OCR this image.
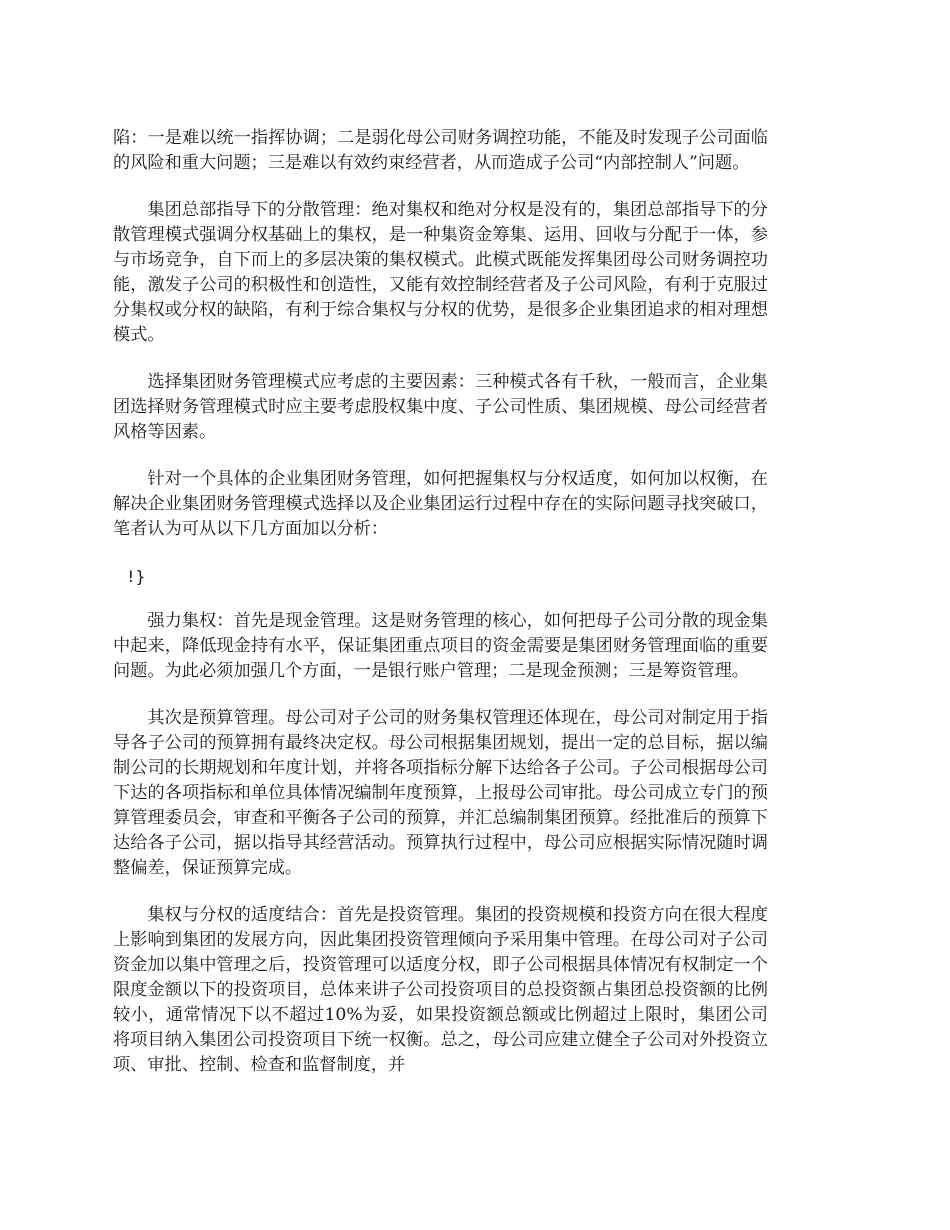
陷：一是难以统一指挥协调；二是弱化母公司财务调控功能，不能及时发现子公司面临的风险和重大问题；三是难以有效约束经营者，从而造成子公司“内部控制人”问题。

集团总部指导下的分散管理：绝对集权和绝对分权是没有的，集团总部指导下的分散管理模式强调分权基础上的集权，是一种集资金筹集、运用、回收与分配于一体，参与市场竞争，自下而上的多层决策的集权模式。此模式既能发挥集团母公司财务调控功能，激发子公司的积极性和创造性，又能有效控制经营者及子公司风险，有利于克服过分集权或分权的缺陷，有利于综合集权与分权的优势，是很多企业集团追求的相对理想模式。

选择集团财务管理模式应考虑的主要因素：三种模式各有千秋，一般而言，企业集团选择财务管理模式时应主要考虑股权集中度、子公司性质、集团规模、母公司经营者风格等因素。

针对一个具体的企业集团财务管理，如何把握集权与分权适度，如何加以权衡，在解决企业集团财务管理模式选择以及企业集团运行过程中存在的实际问题寻找突破口，笔者认为可从以下几方面加以分析：

!}

强力集权：首先是现金管理。这是财务管理的核心，如何把母子公司分散的现金集中起来，降低现金持有水平，保证集团重点项目的资金需要是集团财务管理面临的重要问题。为此必须加强几个方面，一是银行账户管理；二是现金预测；三是筹资管理。

其次是预算管理。母公司对子公司的财务集权管理还体现在，母公司对制定用于指导各子公司的预算拥有最终决定权。母公司根据集团规划，提出一定的总目标，据以编制公司的长期规划和年度计划，并将各项指标分解下达给各子公司。子公司根据母公司下达的各项指标和单位具体情况编制年度预算，上报母公司审批。母公司成立专门的预算管理委员会，审查和平衡各子公司的预算，并汇总编制集团预算。经批准后的预算下达给各子公司，据以指导其经营活动。预算执行过程中，母公司应根据实际情况随时调整偏差，保证预算完成。

集权与分权的适度结合：首先是投资管理。集团的投资规模和投资方向在很大程度上影响到集团的发展方向，因此集团投资管理倾向予采用集中管理。在母公司对子公司资金加以集中管理之后，投资管理可以适度分权，即子公司根据具体情况有权制定一个限度金额以下的投资项目，总体来讲子公司投资项目的总投资额占集团总投资额的比例较小，通常情况下以不超过10%为妥，如果投资额总额或比例超过上限时，集团公司将项目纳入集团公司投资项目下统一权衡。总之，母公司应建立健全子公司对外投资立项、审批、控制、检查和监督制度，并
